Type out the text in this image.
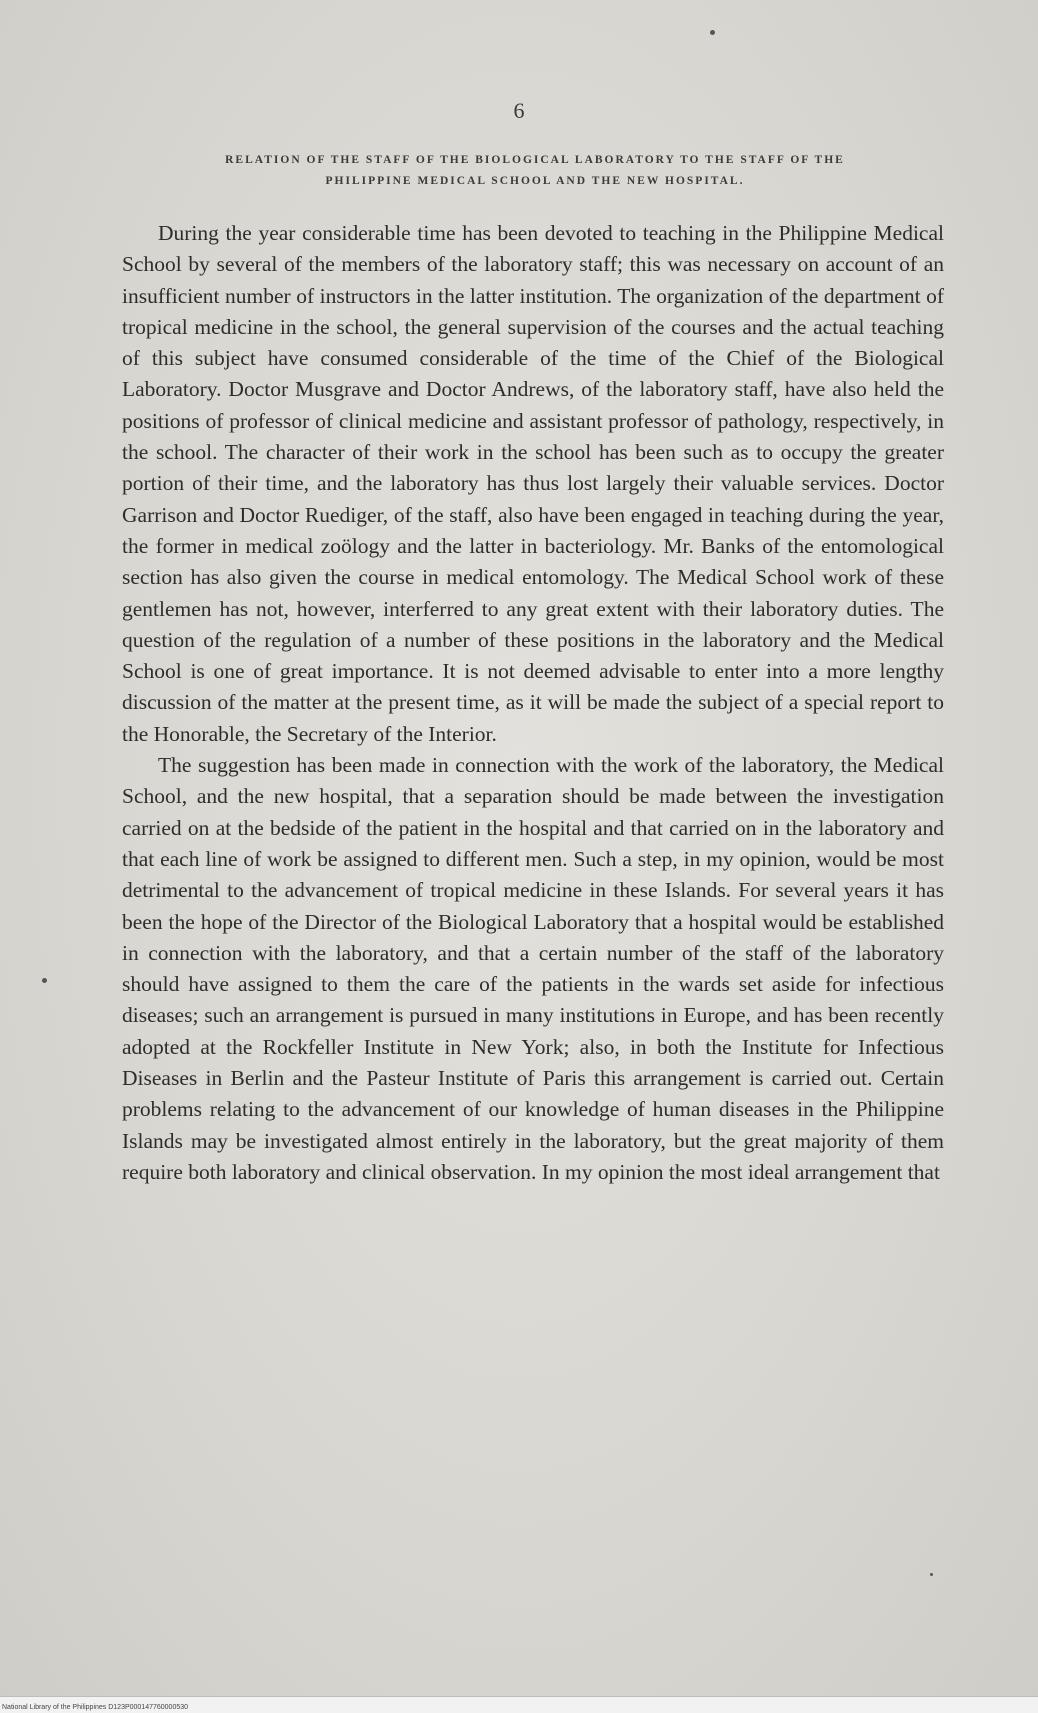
6
RELATION OF THE STAFF OF THE BIOLOGICAL LABORATORY TO THE STAFF OF THE
PHILIPPINE MEDICAL SCHOOL AND THE NEW HOSPITAL.

During the year considerable time has been devoted to teaching in the Philippine Medical School by several of the members of the laboratory staff; this was necessary on account of an insufficient number of instructors in the latter institution. The organization of the department of tropical medicine in the school, the general supervision of the courses and the actual teaching of this subject have consumed considerable of the time of the Chief of the Biological Laboratory. Doctor Musgrave and Doctor Andrews, of the laboratory staff, have also held the positions of professor of clinical medicine and assistant professor of pathology, respectively, in the school. The character of their work in the school has been such as to occupy the greater portion of their time, and the laboratory has thus lost largely their valuable services. Doctor Garrison and Doctor Ruediger, of the staff, also have been engaged in teaching during the year, the former in medical zoölogy and the latter in bacteriology. Mr. Banks of the entomological section has also given the course in medical entomology. The Medical School work of these gentlemen has not, however, interferred to any great extent with their laboratory duties. The question of the regulation of a number of these positions in the laboratory and the Medical School is one of great importance. It is not deemed advisable to enter into a more lengthy discussion of the matter at the present time, as it will be made the subject of a special report to the Honorable, the Secretary of the Interior.

The suggestion has been made in connection with the work of the laboratory, the Medical School, and the new hospital, that a separation should be made between the investigation carried on at the bedside of the patient in the hospital and that carried on in the laboratory and that each line of work be assigned to different men. Such a step, in my opinion, would be most detrimental to the advancement of tropical medicine in these Islands. For several years it has been the hope of the Director of the Biological Laboratory that a hospital would be established in connection with the laboratory, and that a certain number of the staff of the laboratory should have assigned to them the care of the patients in the wards set aside for infectious diseases; such an arrangement is pursued in many institutions in Europe, and has been recently adopted at the Rockfeller Institute in New York; also, in both the Institute for Infectious Diseases in Berlin and the Pasteur Institute of Paris this arrangement is carried out. Certain problems relating to the advancement of our knowledge of human diseases in the Philippine Islands may be investigated almost entirely in the laboratory, but the great majority of them require both laboratory and clinical observation. In my opinion the most ideal arrangement that

National Library of the Philippines D123P000147760000530
